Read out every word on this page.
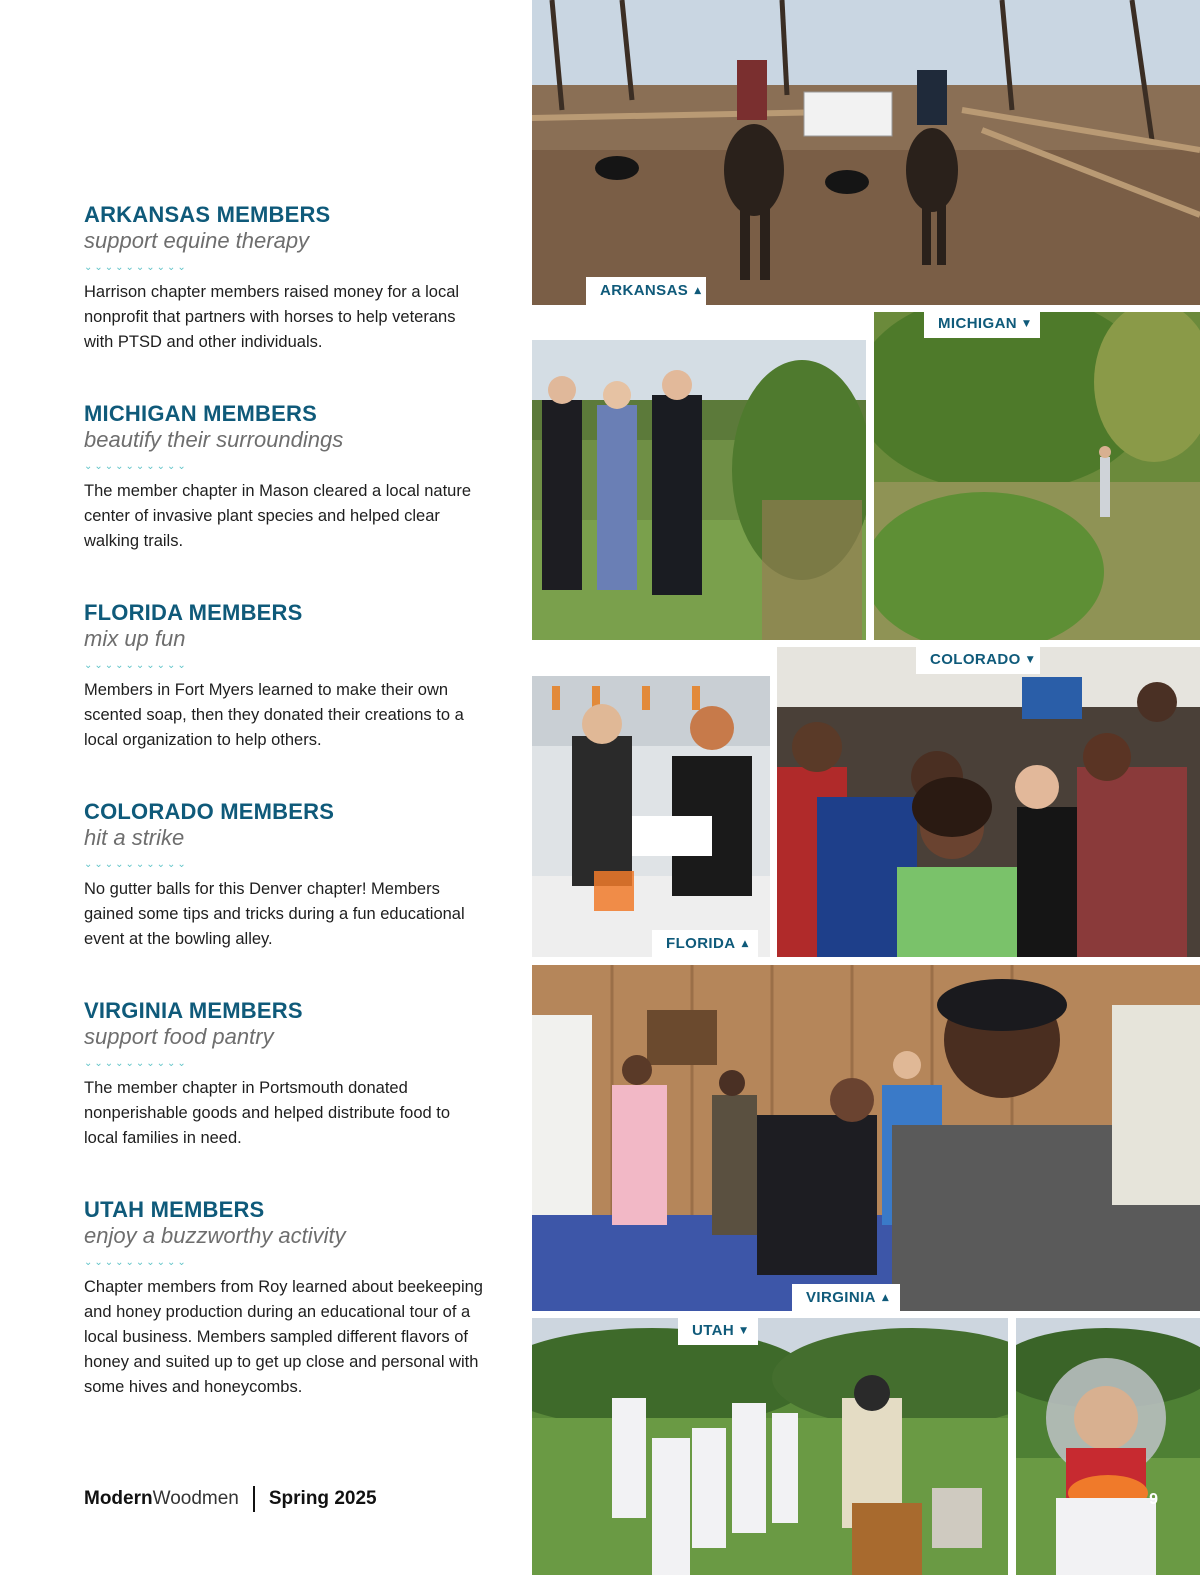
ARKANSAS MEMBERS
support equine therapy
⌄⌄⌄⌄⌄⌄⌄⌄⌄⌄

Harrison chapter members raised money for a local nonprofit that partners with horses to help veterans with PTSD and other individuals.

MICHIGAN MEMBERS
beautify their surroundings
⌄⌄⌄⌄⌄⌄⌄⌄⌄⌄

The member chapter in Mason cleared a local nature center of invasive plant species and helped clear walking trails.

FLORIDA MEMBERS
mix up fun
⌄⌄⌄⌄⌄⌄⌄⌄⌄⌄

Members in Fort Myers learned to make their own scented soap, then they donated their creations to a local organization to help others.

COLORADO MEMBERS
hit a strike
⌄⌄⌄⌄⌄⌄⌄⌄⌄⌄

No gutter balls for this Denver chapter! Members gained some tips and tricks during a fun educational event at the bowling alley.

VIRGINIA MEMBERS
support food pantry
⌄⌄⌄⌄⌄⌄⌄⌄⌄⌄

The member chapter in Portsmouth donated nonperishable goods and helped distribute food to local families in need.

UTAH MEMBERS
enjoy a buzzworthy activity
⌄⌄⌄⌄⌄⌄⌄⌄⌄⌄

Chapter members from Roy learned about beekeeping and honey production during an educational tour of a local business. Members sampled different flavors of honey and suited up to get up close and personal with some hives and honeycombs.

Modern Woodmen Spring 2025
ARKANSAS ▲
MICHIGAN ▼
COLORADO ▼
FLORIDA ▲
VIRGINIA ▲
UTAH ▼
9
